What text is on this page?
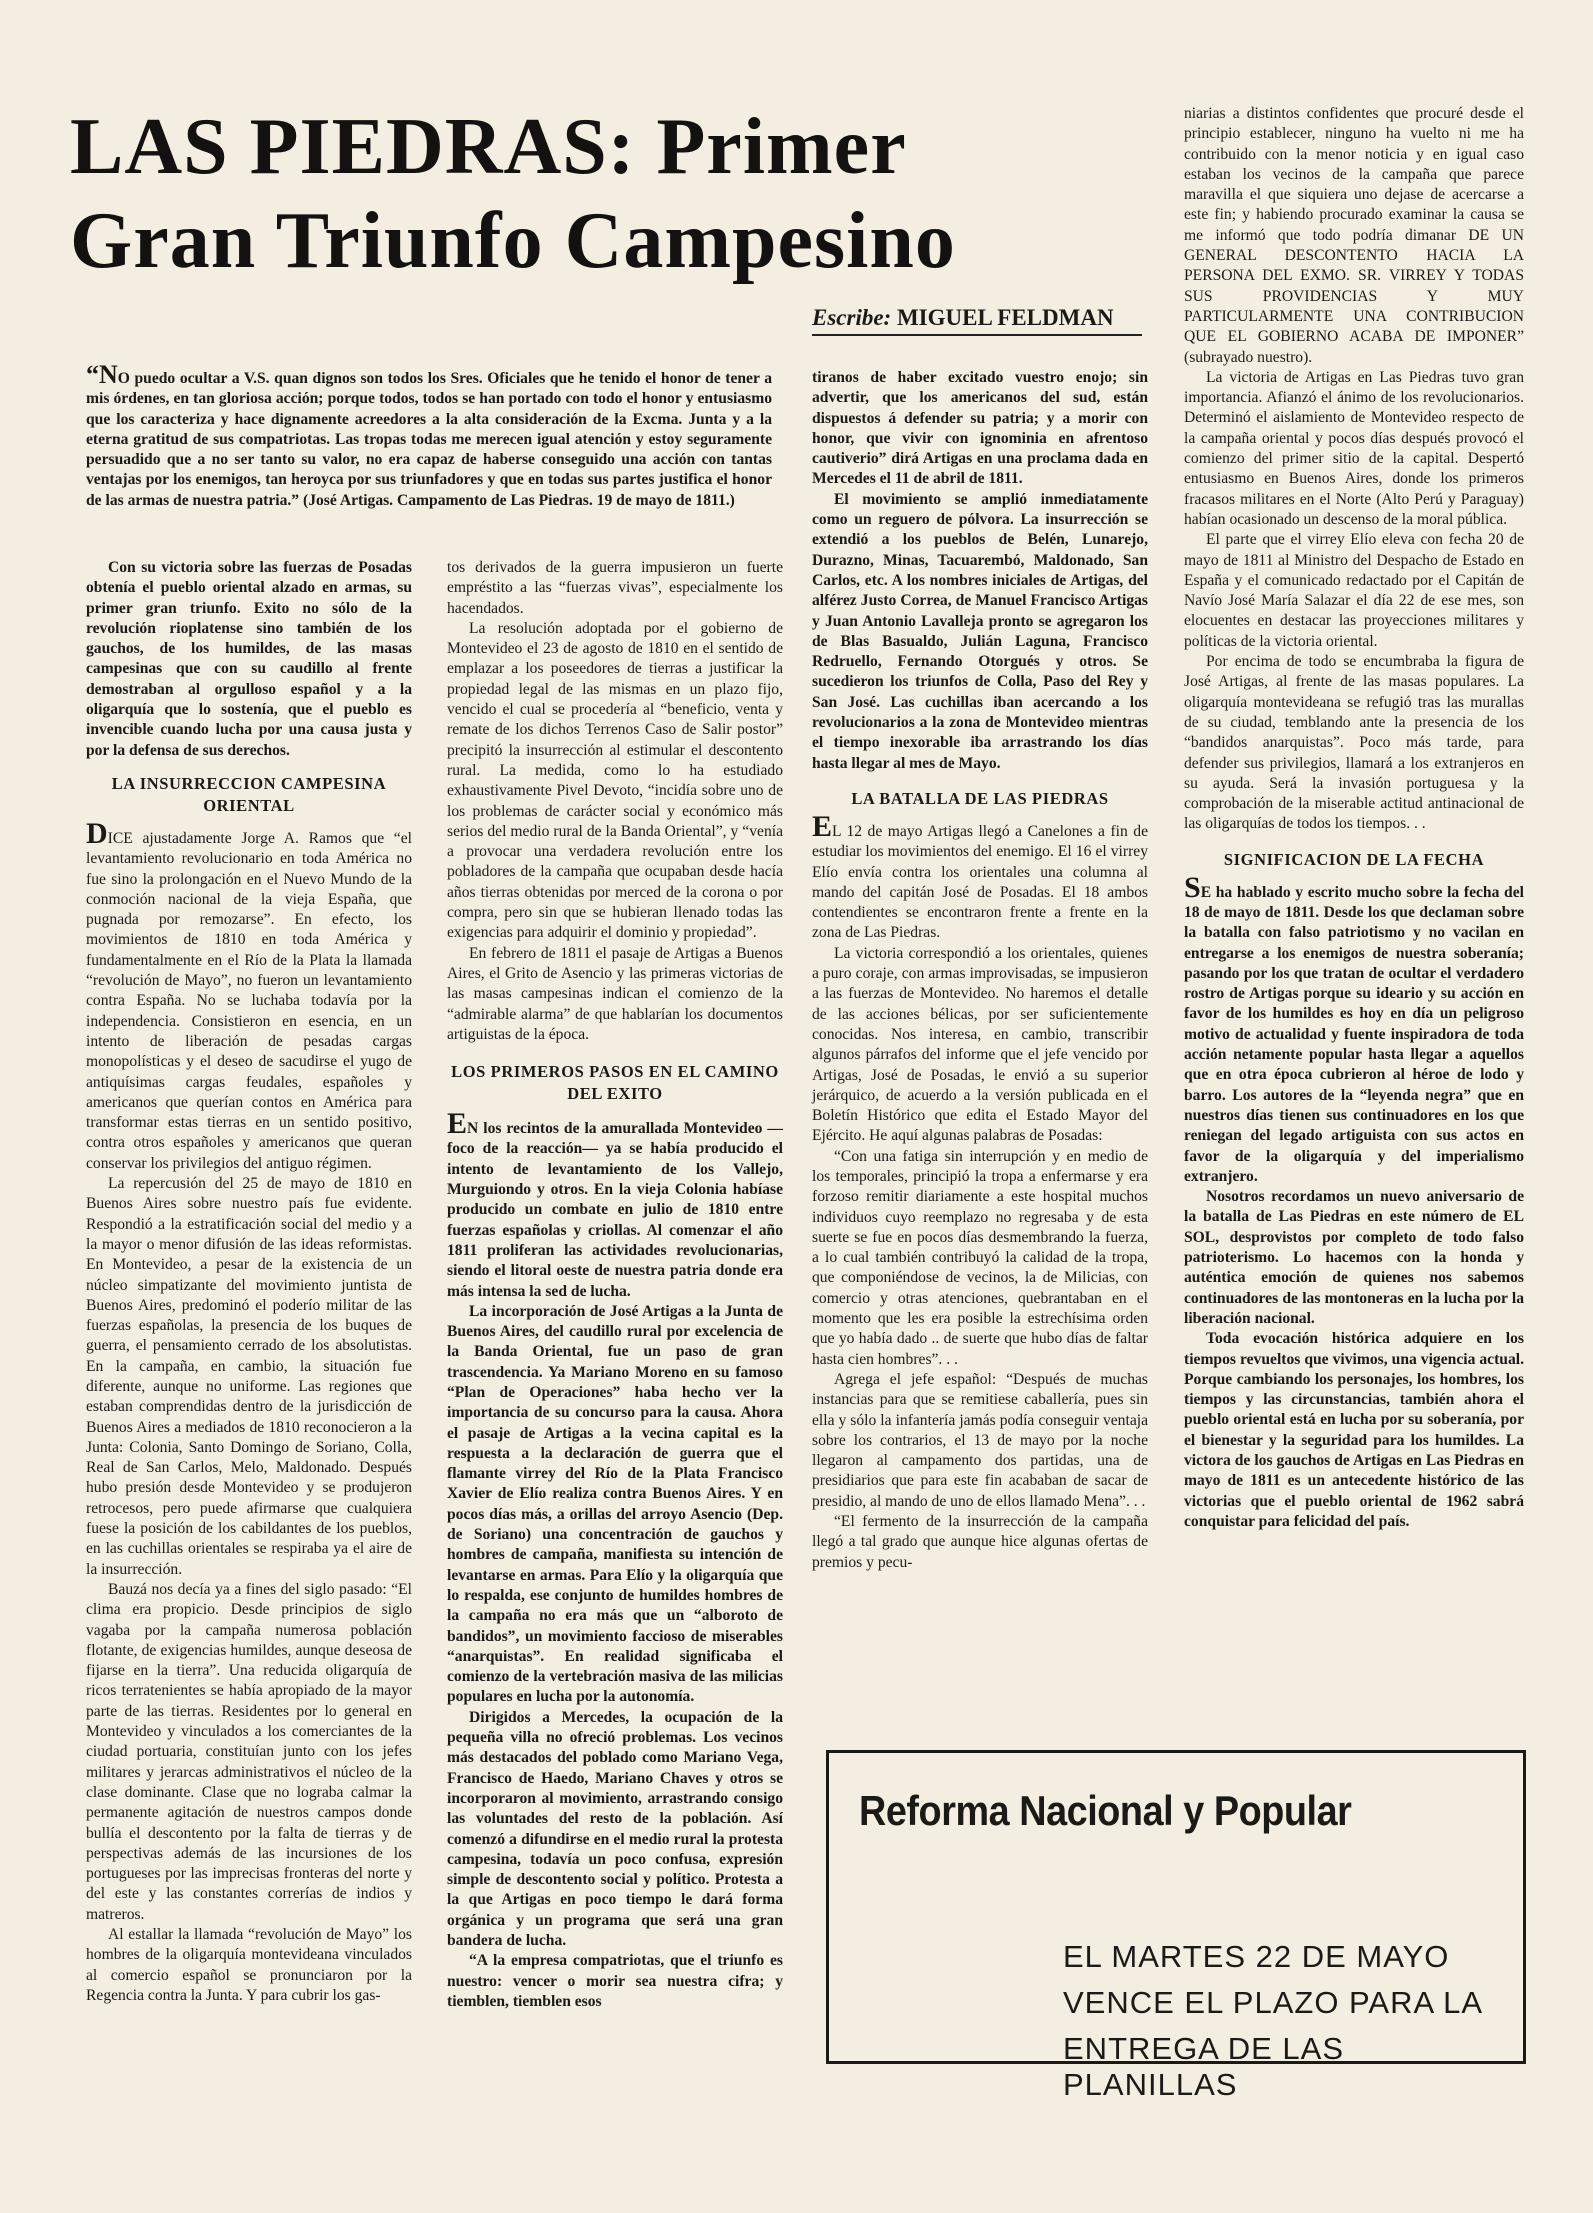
LAS PIEDRAS: Primer
Gran Triunfo Campesino
Escribe: MIGUEL FELDMAN
“NO puedo ocultar a V.S. quan dignos son todos los Sres. Oficiales que he tenido el honor de tener a mis órdenes, en tan gloriosa acción; porque todos, todos se han portado con todo el honor y entusiasmo que los caracteriza y hace dignamente acreedores a la alta consideración de la Excma. Junta y a la eterna gratitud de sus compatriotas. Las tropas todas me merecen igual atención y estoy seguramente persuadido que a no ser tanto su valor, no era capaz de haberse conseguido una acción con tantas ventajas por los enemigos, tan heroyca por sus triunfadores y que en todas sus partes justifica el honor de las armas de nuestra patria.” (José Artigas. Campamento de Las Piedras. 19 de mayo de 1811.)

Con su victoria sobre las fuerzas de Posadas obtenía el pueblo oriental alzado en armas, su primer gran triunfo. Exito no sólo de la revolución rioplatense sino también de los gauchos, de los humildes, de las masas campesinas que con su caudillo al frente demostraban al orgulloso español y a la oligarquía que lo sostenía, que el pueblo es invencible cuando lucha por una causa justa y por la defensa de sus derechos.

LA INSURRECCION CAMPESINA ORIENTAL

DICE ajustadamente Jorge A. Ramos que “el levantamiento revolucionario en toda América no fue sino la prolongación en el Nuevo Mundo de la conmoción nacional de la vieja España, que pugnada por remozarse”. En efecto, los movimientos de 1810 en toda América y fundamentalmente en el Río de la Plata la llamada “revolución de Mayo”, no fueron un levantamiento contra España. No se luchaba todavía por la independencia. Consistieron en esencia, en un intento de liberación de pesadas cargas monopolísticas y el deseo de sacudirse el yugo de antiquísimas cargas feudales, españoles y americanos que querían contos en América para transformar estas tierras en un sentido positivo, contra otros españoles y americanos que queran conservar los privilegios del antiguo régimen.

La repercusión del 25 de mayo de 1810 en Buenos Aires sobre nuestro país fue evidente. Respondió a la estratificación social del medio y a la mayor o menor difusión de las ideas reformistas. En Montevideo, a pesar de la existencia de un núcleo simpatizante del movimiento juntista de Buenos Aires, predominó el poderío militar de las fuerzas españolas, la presencia de los buques de guerra, el pensamiento cerrado de los absolutistas. En la campaña, en cambio, la situación fue diferente, aunque no uniforme. Las regiones que estaban comprendidas dentro de la jurisdicción de Buenos Aires a mediados de 1810 reconocieron a la Junta: Colonia, Santo Domingo de Soriano, Colla, Real de San Carlos, Melo, Maldonado. Después hubo presión desde Montevideo y se produjeron retrocesos, pero puede afirmarse que cualquiera fuese la posición de los cabildantes de los pueblos, en las cuchillas orientales se respiraba ya el aire de la insurrección.

Bauzá nos decía ya a fines del siglo pasado: “El clima era propicio. Desde principios de siglo vagaba por la campaña numerosa población flotante, de exigencias humildes, aunque deseosa de fijarse en la tierra”. Una reducida oligarquía de ricos terratenientes se había apropiado de la mayor parte de las tierras. Residentes por lo general en Montevideo y vinculados a los comerciantes de la ciudad portuaria, constituían junto con los jefes militares y jerarcas administrativos el núcleo de la clase dominante. Clase que no lograba calmar la permanente agitación de nuestros campos donde bullía el descontento por la falta de tierras y de perspectivas además de las incursiones de los portugueses por las imprecisas fronteras del norte y del este y las constantes correrías de indios y matreros.

Al estallar la llamada “revolución de Mayo” los hombres de la oligarquía montevideana vinculados al comercio español se pronunciaron por la Regencia contra la Junta. Y para cubrir los gas-

tos derivados de la guerra impusieron un fuerte empréstito a las “fuerzas vivas”, especialmente los hacendados.

La resolución adoptada por el gobierno de Montevideo el 23 de agosto de 1810 en el sentido de emplazar a los poseedores de tierras a justificar la propiedad legal de las mismas en un plazo fijo, vencido el cual se procedería al “beneficio, venta y remate de los dichos Terrenos Caso de Salir postor” precipitó la insurrección al estimular el descontento rural. La medida, como lo ha estudiado exhaustivamente Pivel Devoto, “incidía sobre uno de los problemas de carácter social y económico más serios del medio rural de la Banda Oriental”, y “venía a provocar una verdadera revolución entre los pobladores de la campaña que ocupaban desde hacía años tierras obtenidas por merced de la corona o por compra, pero sin que se hubieran llenado todas las exigencias para adquirir el dominio y propiedad”.

En febrero de 1811 el pasaje de Artigas a Buenos Aires, el Grito de Asencio y las primeras victorias de las masas campesinas indican el comienzo de la “admirable alarma” de que hablarían los documentos artiguistas de la época.

LOS PRIMEROS PASOS EN EL CAMINO DEL EXITO

EN los recintos de la amurallada Montevideo —foco de la reacción— ya se había producido el intento de levantamiento de los Vallejo, Murguiondo y otros. En la vieja Colonia habíase producido un combate en julio de 1810 entre fuerzas españolas y criollas. Al comenzar el año 1811 proliferan las actividades revolucionarias, siendo el litoral oeste de nuestra patria donde era más intensa la sed de lucha.

La incorporación de José Artigas a la Junta de Buenos Aires, del caudillo rural por excelencia de la Banda Oriental, fue un paso de gran trascendencia. Ya Mariano Moreno en su famoso “Plan de Operaciones” haba hecho ver la importancia de su concurso para la causa. Ahora el pasaje de Artigas a la vecina capital es la respuesta a la declaración de guerra que el flamante virrey del Río de la Plata Francisco Xavier de Elío realiza contra Buenos Aires. Y en pocos días más, a orillas del arroyo Asencio (Dep. de Soriano) una concentración de gauchos y hombres de campaña, manifiesta su intención de levantarse en armas. Para Elío y la oligarquía que lo respalda, ese conjunto de humildes hombres de la campaña no era más que un “alboroto de bandidos”, un movimiento faccioso de miserables “anarquistas”. En realidad significaba el comienzo de la vertebración masiva de las milicias populares en lucha por la autonomía.

Dirigidos a Mercedes, la ocupación de la pequeña villa no ofreció problemas. Los vecinos más destacados del poblado como Mariano Vega, Francisco de Haedo, Mariano Chaves y otros se incorporaron al movimiento, arrastrando consigo las voluntades del resto de la población. Así comenzó a difundirse en el medio rural la protesta campesina, todavía un poco confusa, expresión simple de descontento social y político. Protesta a la que Artigas en poco tiempo le dará forma orgánica y un programa que será una gran bandera de lucha.

“A la empresa compatriotas, que el triunfo es nuestro: vencer o morir sea nuestra cifra; y tiemblen, tiemblen esos

tiranos de haber excitado vuestro enojo; sin advertir, que los americanos del sud, están dispuestos á defender su patria; y a morir con honor, que vivir con ignominia en afrentoso cautiverio” dirá Artigas en una proclama dada en Mercedes el 11 de abril de 1811.

El movimiento se amplió inmediatamente como un reguero de pólvora. La insurrección se extendió a los pueblos de Belén, Lunarejo, Durazno, Minas, Tacuarembó, Maldonado, San Carlos, etc. A los nombres iniciales de Artigas, del alférez Justo Correa, de Manuel Francisco Artigas y Juan Antonio Lavalleja pronto se agregaron los de Blas Basualdo, Julián Laguna, Francisco Redruello, Fernando Otorgués y otros. Se sucedieron los triunfos de Colla, Paso del Rey y San José. Las cuchillas iban acercando a los revolucionarios a la zona de Montevideo mientras el tiempo inexorable iba arrastrando los días hasta llegar al mes de Mayo.

LA BATALLA DE LAS PIEDRAS

EL 12 de mayo Artigas llegó a Canelones a fin de estudiar los movimientos del enemigo. El 16 el virrey Elío envía contra los orientales una columna al mando del capitán José de Posadas. El 18 ambos contendientes se encontraron frente a frente en la zona de Las Piedras.

La victoria correspondió a los orientales, quienes a puro coraje, con armas improvisadas, se impusieron a las fuerzas de Montevideo. No haremos el detalle de las acciones bélicas, por ser suficientemente conocidas. Nos interesa, en cambio, transcribir algunos párrafos del informe que el jefe vencido por Artigas, José de Posadas, le envió a su superior jerárquico, de acuerdo a la versión publicada en el Boletín Histórico que edita el Estado Mayor del Ejército. He aquí algunas palabras de Posadas:

“Con una fatiga sin interrupción y en medio de los temporales, principió la tropa a enfermarse y era forzoso remitir diariamente a este hospital muchos individuos cuyo reemplazo no regresaba y de esta suerte se fue en pocos días desmembrando la fuerza, a lo cual también contribuyó la calidad de la tropa, que componiéndose de vecinos, la de Milicias, con comercio y otras atenciones, quebrantaban en el momento que les era posible la estrechísima orden que yo había dado .. de suerte que hubo días de faltar hasta cien hombres”. . .

Agrega el jefe español: “Después de muchas instancias para que se remitiese caballería, pues sin ella y sólo la infantería jamás podía conseguir ventaja sobre los contrarios, el 13 de mayo por la noche llegaron al campamento dos partidas, una de presidiarios que para este fin acababan de sacar de presidio, al mando de uno de ellos llamado Mena”. . .

“El fermento de la insurrección de la campaña llegó a tal grado que aunque hice algunas ofertas de premios y pecu-

niarias a distintos confidentes que procuré desde el principio establecer, ninguno ha vuelto ni me ha contribuido con la menor noticia y en igual caso estaban los vecinos de la campaña que parece maravilla el que siquiera uno dejase de acercarse a este fin; y habiendo procurado examinar la causa se me informó que todo podría dimanar DE UN GENERAL DESCONTENTO HACIA LA PERSONA DEL EXMO. SR. VIRREY Y TODAS SUS PROVIDENCIAS Y MUY PARTICULARMENTE UNA CONTRIBUCION QUE EL GOBIERNO ACABA DE IMPONER” (subrayado nuestro).

La victoria de Artigas en Las Piedras tuvo gran importancia. Afianzó el ánimo de los revolucionarios. Determinó el aislamiento de Montevideo respecto de la campaña oriental y pocos días después provocó el comienzo del primer sitio de la capital. Despertó entusiasmo en Buenos Aires, donde los primeros fracasos militares en el Norte (Alto Perú y Paraguay) habían ocasionado un descenso de la moral pública.

El parte que el virrey Elío eleva con fecha 20 de mayo de 1811 al Ministro del Despacho de Estado en España y el comunicado redactado por el Capitán de Navío José María Salazar el día 22 de ese mes, son elocuentes en destacar las proyecciones militares y políticas de la victoria oriental.

Por encima de todo se encumbraba la figura de José Artigas, al frente de las masas populares. La oligarquía montevideana se refugió tras las murallas de su ciudad, temblando ante la presencia de los “bandidos anarquistas”. Poco más tarde, para defender sus privilegios, llamará a los extranjeros en su ayuda. Será la invasión portuguesa y la comprobación de la miserable actitud antinacional de las oligarquías de todos los tiempos. . .

SIGNIFICACION DE LA FECHA

SE ha hablado y escrito mucho sobre la fecha del 18 de mayo de 1811. Desde los que declaman sobre la batalla con falso patriotismo y no vacilan en entregarse a los enemigos de nuestra soberanía; pasando por los que tratan de ocultar el verdadero rostro de Artigas porque su ideario y su acción en favor de los humildes es hoy en día un peligroso motivo de actualidad y fuente inspiradora de toda acción netamente popular hasta llegar a aquellos que en otra época cubrieron al héroe de lodo y barro. Los autores de la “leyenda negra” que en nuestros días tienen sus continuadores en los que reniegan del legado artiguista con sus actos en favor de la oligarquía y del imperialismo extranjero.

Nosotros recordamos un nuevo aniversario de la batalla de Las Piedras en este número de EL SOL, desprovistos por completo de todo falso patrioterismo. Lo hacemos con la honda y auténtica emoción de quienes nos sabemos continuadores de las montoneras en la lucha por la liberación nacional.

Toda evocación histórica adquiere en los tiempos revueltos que vivimos, una vigencia actual. Porque cambiando los personajes, los hombres, los tiempos y las circunstancias, también ahora el pueblo oriental está en lucha por su soberanía, por el bienestar y la seguridad para los humildes. La victora de los gauchos de Artigas en Las Piedras en mayo de 1811 es un antecedente histórico de las victorias que el pueblo oriental de 1962 sabrá conquistar para felicidad del país.

Reforma Nacional y Popular
EL MARTES 22 DE MAYO
VENCE EL PLAZO PARA LA
ENTREGA DE LAS PLANILLAS
